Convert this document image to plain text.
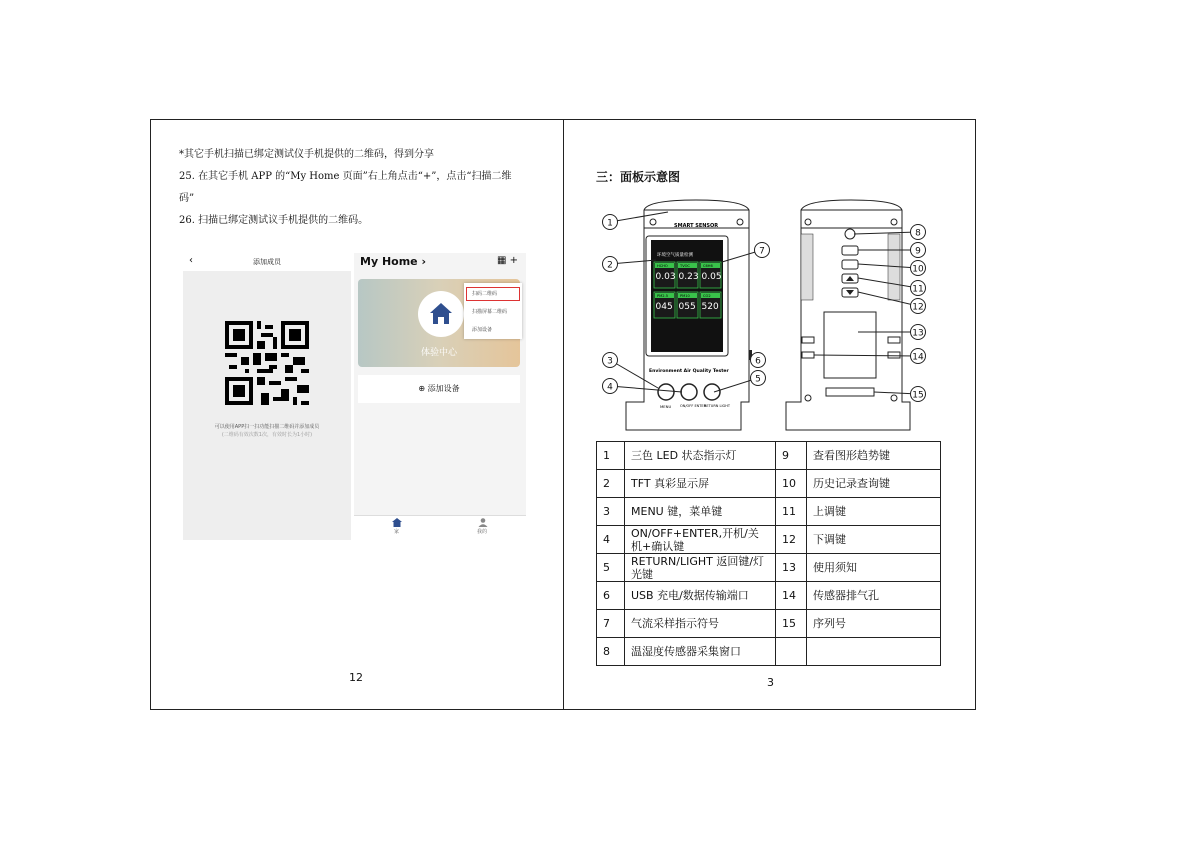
*其它手机扫描已绑定测试仪手机提供的二维码，得到分享
25. 在其它手机 APP 的“My Home 页面”右上角点击“+”，点击“扫描二维
码”
26. 扫描已绑定测试议手机提供的二维码。
‹	添加成员
可以使用APP扫一扫功能扫描二维码并添加成员
(二维码有效次数1次，有效时长为1小时)
My Home ›	▦ +
体验中心
扫码二维码
扫描屏幕二维码
添加设备
⊕ 添加设备
家	我的
12
三：面板示意图
SMART SENSOR
环境空气质量检测
HCHO
0.03
TVOC
0.23
C6H6
0.05
PM2.5
045
PM10
055
CO2
520
Environment Air Quality Tester
MENU ON/OFF ENTER
RETURN LIGHT
1
2
3
4
5
6
7
8
9
10
11
12
13
14
15
1	三色 LED 状态指示灯	9	查看图形趋势键
2	TFT 真彩显示屏	10	历史记录查询键
3	MENU 键，菜单键	11	上调键
4	ON/OFF+ENTER,开机/关机+确认键	12	下调键
5	RETURN/LIGHT 返回键/灯光键	13	使用须知
6	USB 充电/数据传输端口	14	传感器排气孔
7	气流采样指示符号	15	序列号
8	温湿度传感器采集窗口		
3
